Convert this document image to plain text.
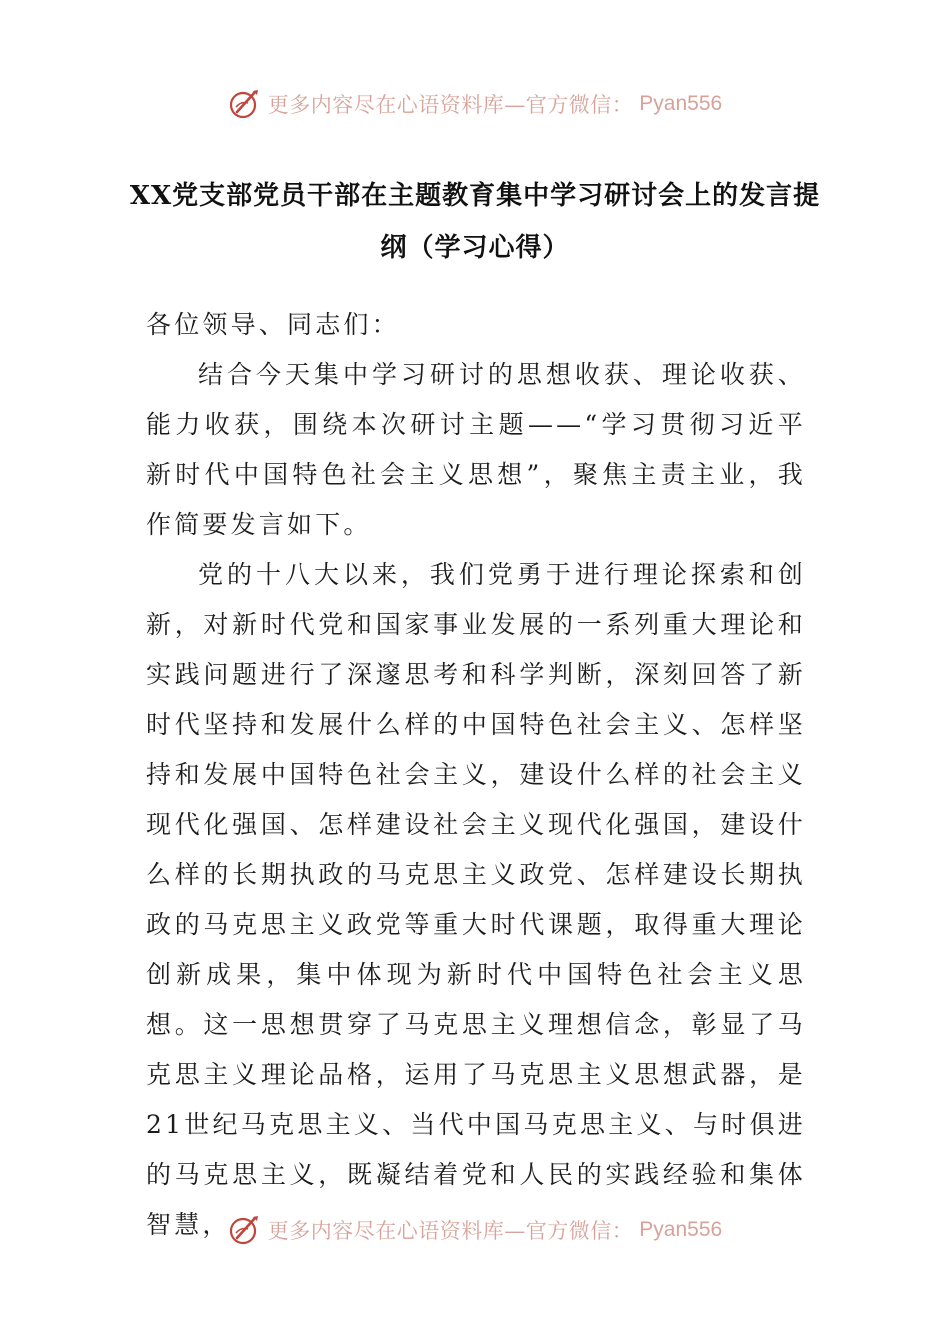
更多内容尽在心语资料库—官方微信： Pyan556
XX党支部党员干部在主题教育集中学习研讨会上的发言提纲（学习心得）

各位领导、同志们：

结合今天集中学习研讨的思想收获、理论收获、能力收获，围绕本次研讨主题——“学习贯彻习近平新时代中国特色社会主义思想”，聚焦主责主业，我作简要发言如下。

党的十八大以来，我们党勇于进行理论探索和创新，对新时代党和国家事业发展的一系列重大理论和实践问题进行了深邃思考和科学判断，深刻回答了新时代坚持和发展什么样的中国特色社会主义、怎样坚持和发展中国特色社会主义，建设什么样的社会主义现代化强国、怎样建设社会主义现代化强国，建设什么样的长期执政的马克思主义政党、怎样建设长期执政的马克思主义政党等重大时代课题，取得重大理论创新成果，集中体现为新时代中国特色社会主义思想。这一思想贯穿了马克思主义理想信念，彰显了马克思主义理论品格，运用了马克思主义思想武器，是21世纪马克思主义、当代中国马克思主义、与时俱进的马克思主义，既凝结着党和人民的实践经验和集体智慧，	更多内容尽在心语资料库—官方微信： Pyan556
